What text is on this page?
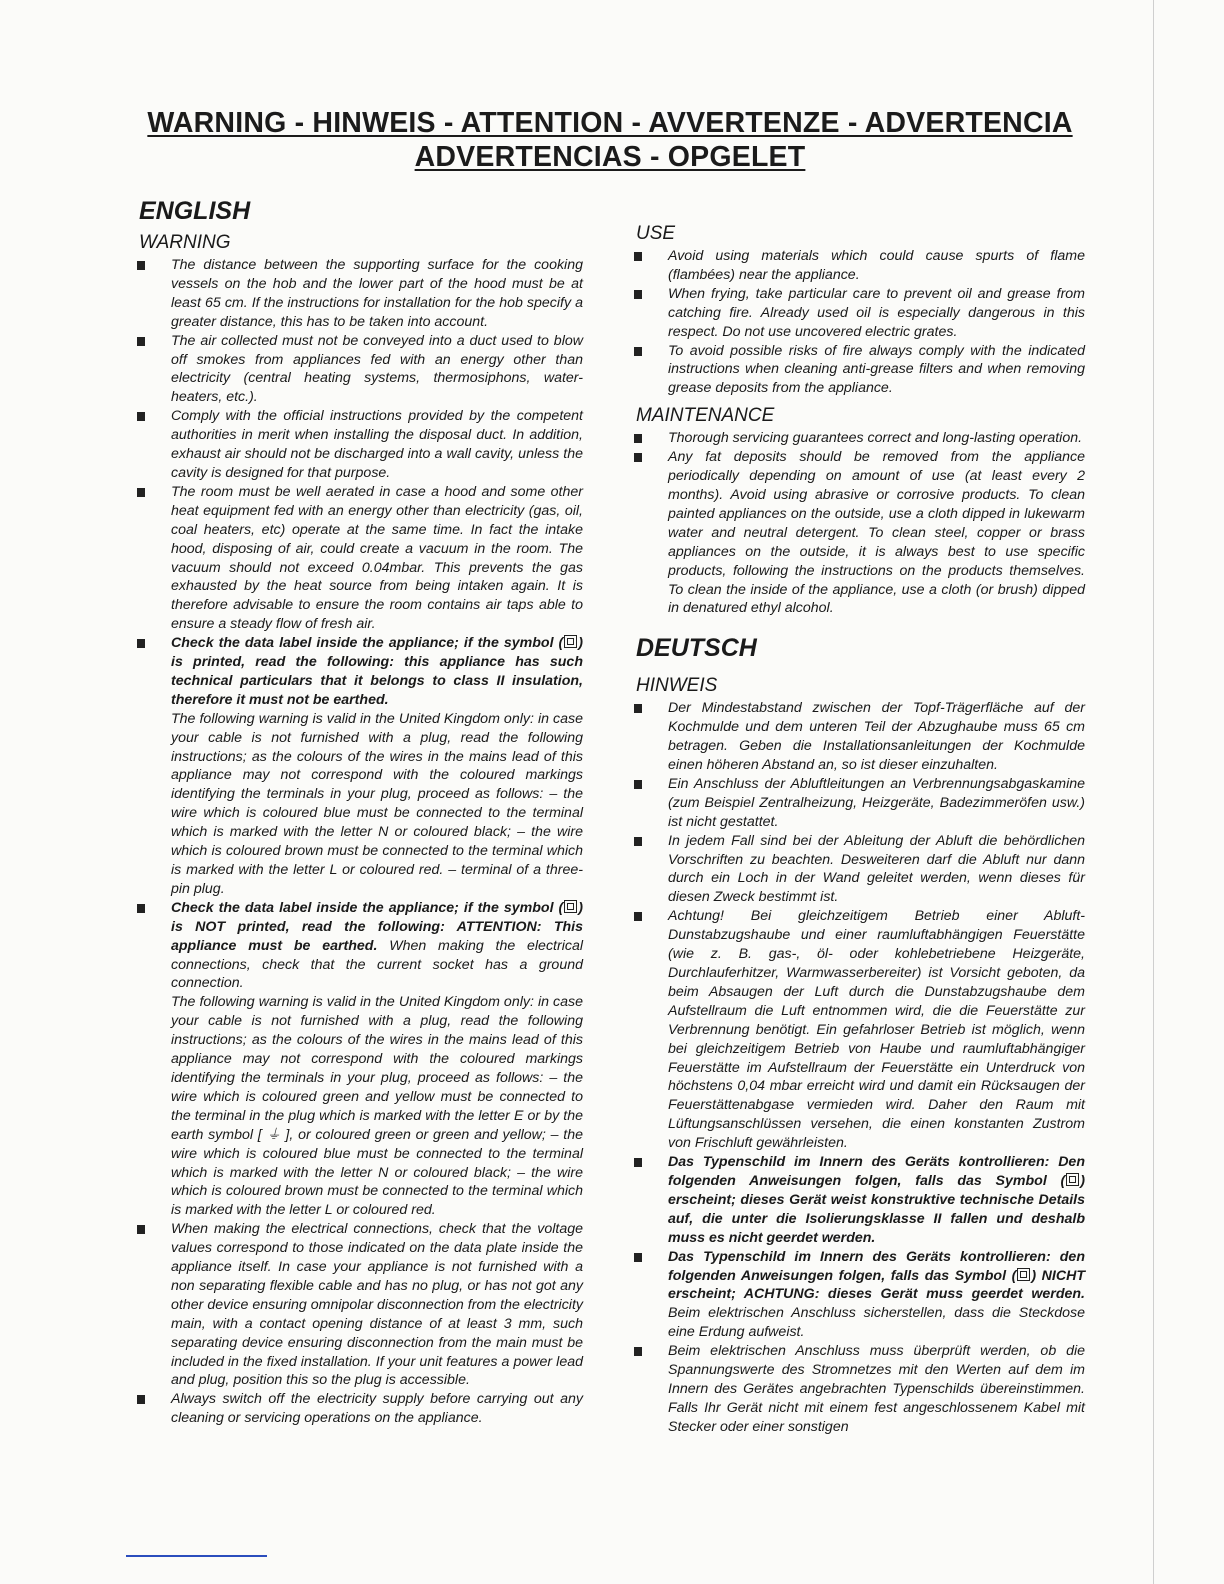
WARNING - HINWEIS - ATTENTION - AVVERTENZE - ADVERTENCIA
ADVERTENCIAS - OPGELET
ENGLISH
WARNING
The distance between the supporting surface for the cooking vessels on the hob and the lower part of the hood must be at least 65 cm. If the instructions for installation for the hob specify a greater distance, this has to be taken into account.
The air collected must not be conveyed into a duct used to blow off smokes from appliances fed with an energy other than electricity (central heating systems, thermosiphons, water-heaters, etc.).
Comply with the official instructions provided by the competent authorities in merit when installing the disposal duct. In addition, exhaust air should not be discharged into a wall cavity, unless the cavity is designed for that purpose.
The room must be well aerated in case a hood and some other heat equipment fed with an energy other than electricity (gas, oil, coal heaters, etc) operate at the same time. In fact the intake hood, disposing of air, could create a vacuum in the room. The vacuum should not exceed 0.04mbar. This prevents the gas exhausted by the heat source from being intaken again. It is therefore advisable to ensure the room contains air taps able to ensure a steady flow of fresh air.
Check the data label inside the appliance; if the symbol ( ) is printed, read the following: this appliance has such technical particulars that it belongs to class II insulation, therefore it must not be earthed.
The following warning is valid in the United Kingdom only: in case your cable is not furnished with a plug, read the following instructions; as the colours of the wires in the mains lead of this appliance may not correspond with the coloured markings identifying the terminals in your plug, proceed as follows: – the wire which is coloured blue must be connected to the terminal which is marked with the letter N or coloured black; – the wire which is coloured brown must be connected to the terminal which is marked with the letter L or coloured red. – terminal of a three-pin plug.
Check the data label inside the appliance; if the symbol ( ) is NOT printed, read the following: ATTENTION: This appliance must be earthed. When making the electrical connections, check that the current socket has a ground connection.
The following warning is valid in the United Kingdom only: in case your cable is not furnished with a plug, read the following instructions; as the colours of the wires in the mains lead of this appliance may not correspond with the coloured markings identifying the terminals in your plug, proceed as follows: – the wire which is coloured green and yellow must be connected to the terminal in the plug which is marked with the letter E or by the earth symbol [ ⏚ ], or coloured green or green and yellow; – the wire which is coloured blue must be connected to the terminal which is marked with the letter N or coloured black; – the wire which is coloured brown must be connected to the terminal which is marked with the letter L or coloured red.
When making the electrical connections, check that the voltage values correspond to those indicated on the data plate inside the appliance itself. In case your appliance is not furnished with a non separating flexible cable and has no plug, or has not got any other device ensuring omnipolar disconnection from the electricity main, with a contact opening distance of at least 3 mm, such separating device ensuring disconnection from the main must be included in the fixed installation. If your unit features a power lead and plug, position this so the plug is accessible.
Always switch off the electricity supply before carrying out any cleaning or servicing operations on the appliance.
USE
Avoid using materials which could cause spurts of flame (flambées) near the appliance.
When frying, take particular care to prevent oil and grease from catching fire. Already used oil is especially dangerous in this respect. Do not use uncovered electric grates.
To avoid possible risks of fire always comply with the indicated instructions when cleaning anti-grease filters and when removing grease deposits from the appliance.
MAINTENANCE
Thorough servicing guarantees correct and long-lasting operation.
Any fat deposits should be removed from the appliance periodically depending on amount of use (at least every 2 months). Avoid using abrasive or corrosive products. To clean painted appliances on the outside, use a cloth dipped in lukewarm water and neutral detergent. To clean steel, copper or brass appliances on the outside, it is always best to use specific products, following the instructions on the products themselves. To clean the inside of the appliance, use a cloth (or brush) dipped in denatured ethyl alcohol.
DEUTSCH
HINWEIS
Der Mindestabstand zwischen der Topf-Trägerfläche auf der Kochmulde und dem unteren Teil der Abzughaube muss 65 cm betragen. Geben die Installationsanleitungen der Kochmulde einen höheren Abstand an, so ist dieser einzuhalten.
Ein Anschluss der Abluftleitungen an Verbrennungsabgaskamine (zum Beispiel Zentralheizung, Heizgeräte, Badezimmeröfen usw.) ist nicht gestattet.
In jedem Fall sind bei der Ableitung der Abluft die behördlichen Vorschriften zu beachten. Desweiteren darf die Abluft nur dann durch ein Loch in der Wand geleitet werden, wenn dieses für diesen Zweck bestimmt ist.
Achtung! Bei gleichzeitigem Betrieb einer Abluft-Dunstabzugshaube und einer raumluftabhängigen Feuerstätte (wie z. B. gas-, öl- oder kohlebetriebene Heizgeräte, Durchlauferhitzer, Warmwasserbereiter) ist Vorsicht geboten, da beim Absaugen der Luft durch die Dunstabzugshaube dem Aufstellraum die Luft entnommen wird, die die Feuerstätte zur Verbrennung benötigt. Ein gefahrloser Betrieb ist möglich, wenn bei gleichzeitigem Betrieb von Haube und raumluftabhängiger Feuerstätte im Aufstellraum der Feuerstätte ein Unterdruck von höchstens 0,04 mbar erreicht wird und damit ein Rücksaugen der Feuerstättenabgase vermieden wird. Daher den Raum mit Lüftungsanschlüssen versehen, die einen konstanten Zustrom von Frischluft gewährleisten.
Das Typenschild im Innern des Geräts kontrollieren: Den folgenden Anweisungen folgen, falls das Symbol ( ) erscheint; dieses Gerät weist konstruktive technische Details auf, die unter die Isolierungsklasse II fallen und deshalb muss es nicht geerdet werden.
Das Typenschild im Innern des Geräts kontrollieren: den folgenden Anweisungen folgen, falls das Symbol ( ) NICHT erscheint; ACHTUNG: dieses Gerät muss geerdet werden. Beim elektrischen Anschluss sicherstellen, dass die Steckdose eine Erdung aufweist.
Beim elektrischen Anschluss muss überprüft werden, ob die Spannungswerte des Stromnetzes mit den Werten auf dem im Innern des Gerätes angebrachten Typenschilds übereinstimmen. Falls Ihr Gerät nicht mit einem fest angeschlossenem Kabel mit Stecker oder einer sonstigen
